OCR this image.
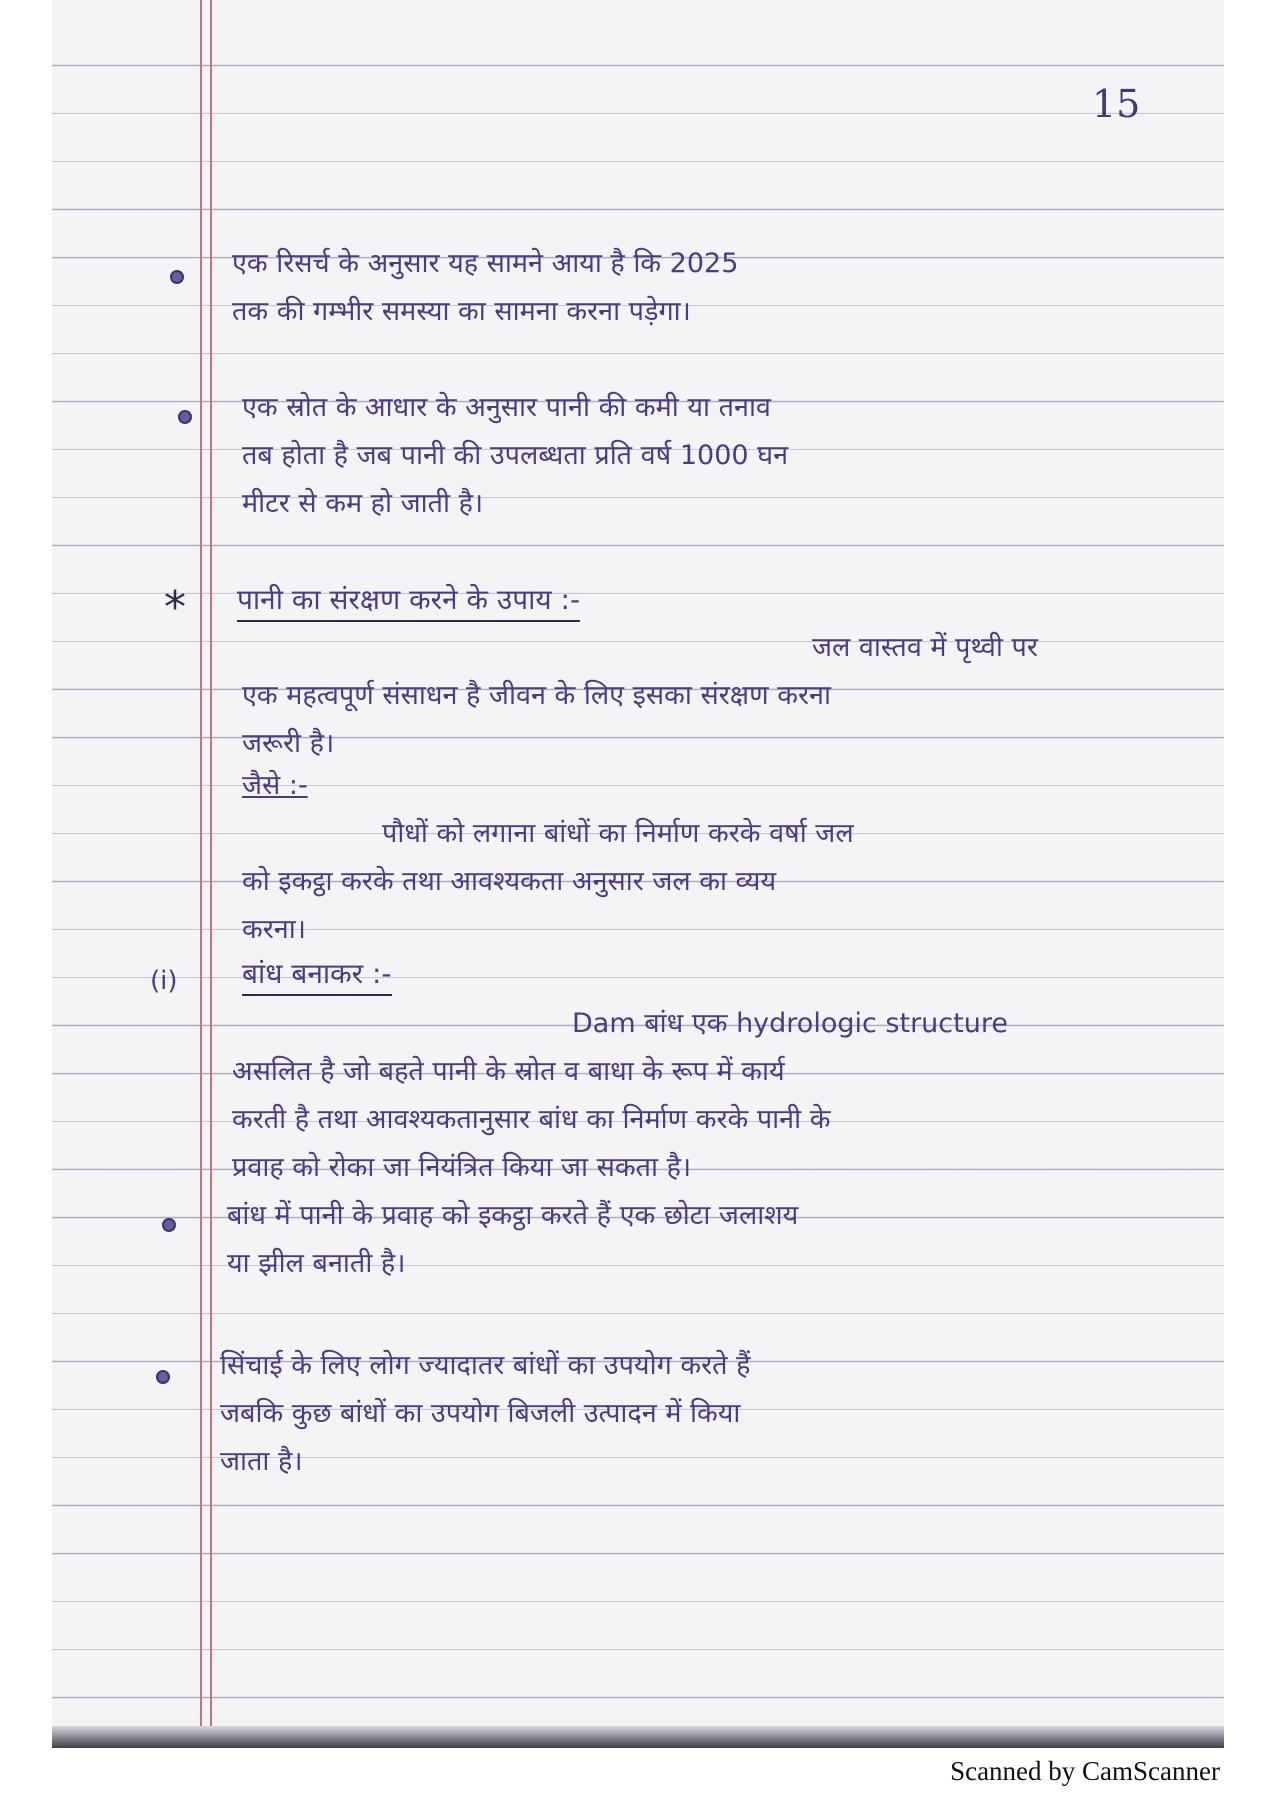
15
एक रिसर्च के अनुसार यह सामने आया है कि 2025
तक की गम्भीर समस्या का सामना करना पड़ेगा।
एक स्रोत के आधार के अनुसार पानी की कमी या तनाव
तब होता है जब पानी की उपलब्धता प्रति वर्ष 1000 घन
मीटर से कम हो जाती है।
* पानी का संरक्षण करने के उपाय :-
जल वास्तव में पृथ्वी पर
एक महत्वपूर्ण संसाधन है जीवन के लिए इसका संरक्षण करना
जरूरी है।
जैसे :-
पौधों को लगाना बांधों का निर्माण करके वर्षा जल
को इकट्ठा करके तथा आवश्यकता अनुसार जल का व्यय
करना।
(i) बांध बनाकर :-
Dam बांध एक hydrologic structure
असलित है जो बहते पानी के स्रोत व बाधा के रूप में कार्य
करती है तथा आवश्यकतानुसार बांध का निर्माण करके पानी के
प्रवाह को रोका जा नियंत्रित किया जा सकता है।
बांध में पानी के प्रवाह को इकट्ठा करते हैं एक छोटा जलाशय
या झील बनाती है।
सिंचाई के लिए लोग ज्यादातर बांधों का उपयोग करते हैं
जबकि कुछ बांधों का उपयोग बिजली उत्पादन में किया
जाता है।
Scanned by CamScanner
